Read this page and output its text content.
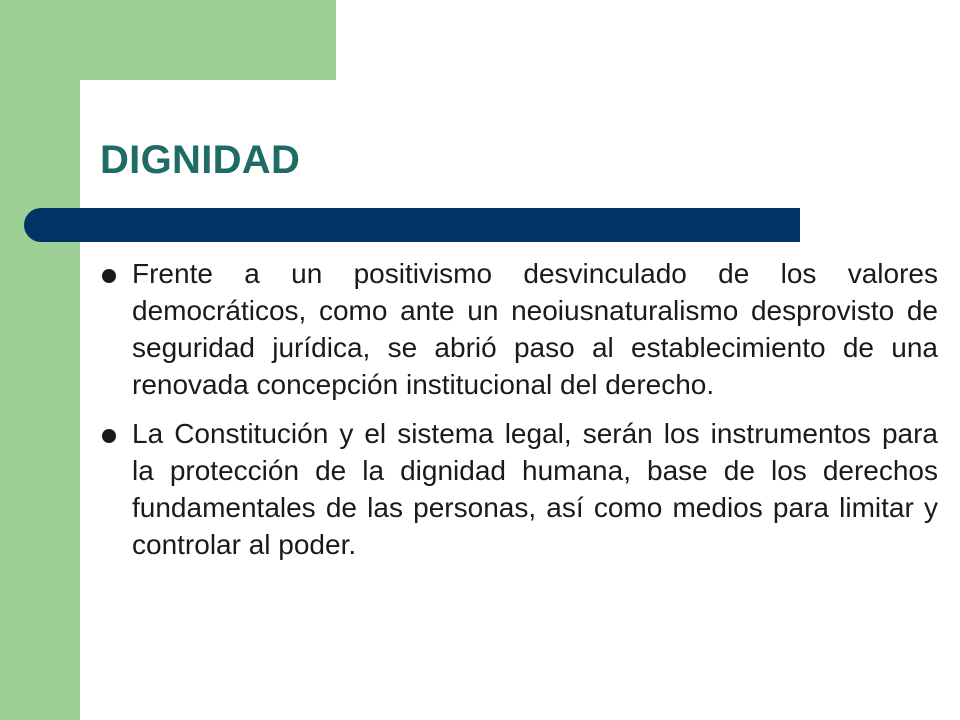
DIGNIDAD
Frente a un positivismo desvinculado de los valores democráticos, como ante un neoiusnaturalismo desprovisto de seguridad jurídica, se abrió paso al establecimiento de una renovada concepción institucional del derecho.
La Constitución y el sistema legal, serán los instrumentos para la protección de la dignidad humana, base de los derechos fundamentales de las personas, así como medios para limitar y controlar al poder.
